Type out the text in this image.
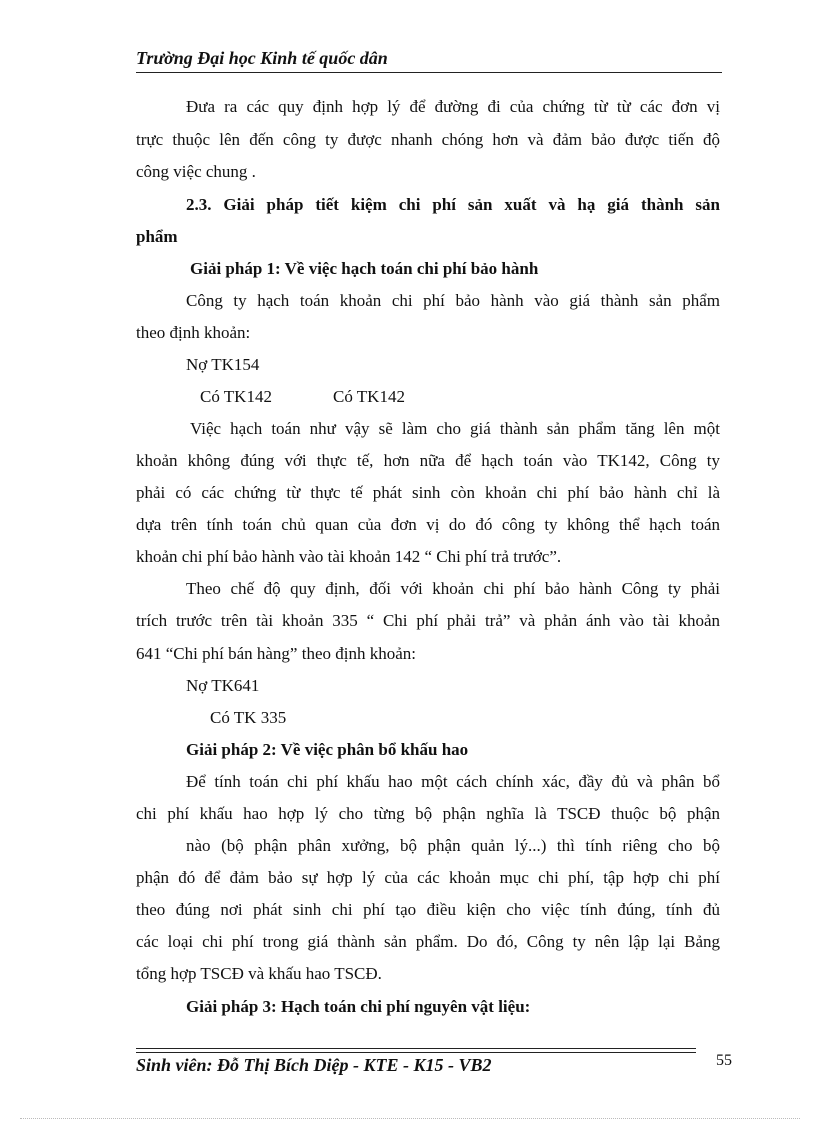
Trường Đại học Kinh tế quốc dân
Đưa ra các quy định hợp lý để đường đi của chứng từ từ các đơn vị
trực thuộc lên đến công ty được nhanh chóng hơn và đảm bảo được tiến độ
công việc chung .
2.3. Giải pháp tiết kiệm chi phí sản xuất và hạ giá thành sản
phẩm
Giải pháp 1: Về việc hạch toán chi phí bảo hành
Công ty hạch toán khoản chi phí bảo hành vào giá thành sản phẩm
theo định khoản:
Nợ TK154
Có TK142	Có TK142
Việc hạch toán như vậy sẽ làm cho giá thành sản phẩm tăng lên một
khoản không đúng với thực tế, hơn nữa để hạch toán vào TK142, Công ty
phải có các chứng từ thực tế phát sinh còn khoản chi phí bảo hành chỉ là
dựa trên tính toán chủ quan của đơn vị do đó công ty không thể hạch toán
khoản chi phí bảo hành vào tài khoản 142 “ Chi phí trả trước”.
Theo chế độ quy định, đối với khoản chi phí bảo hành Công ty phải
trích trước trên tài khoản 335 “ Chi phí phải trả” và phản ánh vào tài khoản
641 “Chi phí bán hàng” theo định khoản:
Nợ TK641
Có TK 335
Giải pháp 2: Về việc phân bổ khấu hao
Để tính toán chi phí khấu hao một cách chính xác, đầy đủ và phân bổ
chi phí khấu hao hợp lý cho từng bộ phận nghĩa là TSCĐ thuộc bộ phận
nào (bộ phận phân xưởng, bộ phận quản lý...) thì tính riêng cho bộ
phận đó để đảm bảo sự hợp lý của các khoản mục chi phí, tập hợp chi phí
theo đúng nơi phát sinh chi phí tạo điều kiện cho việc tính đúng, tính đủ
các loại chi phí trong giá thành sản phẩm. Do đó, Công ty nên lập lại Bảng
tổng hợp TSCĐ và khấu hao TSCĐ.
Giải pháp 3: Hạch toán chi phí nguyên vật liệu:
Sinh viên: Đỗ Thị Bích Diệp - KTE - K15 - VB2	55
